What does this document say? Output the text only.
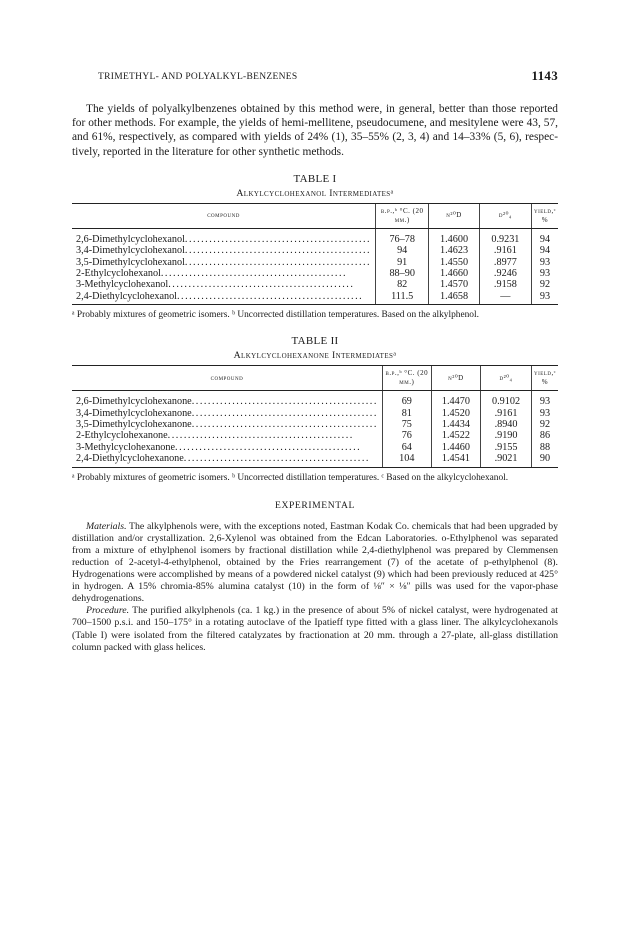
TRIMETHYL- AND POLYALKYL-BENZENES	1143

The yields of polyalkylbenzenes obtained by this method were, in general, better than those reported for other methods. For example, the yields of hemi-mellitene, pseudocumene, and mesitylene were 43, 57, and 61%, respectively, as compared with yields of 24% (1), 35–55% (2, 3, 4) and 14–33% (5, 6), respec-tively, reported in the literature for other synthetic methods.

TABLE I
Alkylcyclohexanol Intermediatesᵃ
compound	b.p.,ᵇ °C. (20 mm.)	n²⁰D	d²⁰₄	yield,ᶜ %
2,6-Dimethylcyclohexanol..............................................	76–78	1.4600	0.9231	94
3,4-Dimethylcyclohexanol..............................................	94	1.4623	.9161	94
3,5-Dimethylcyclohexanol..............................................	91	1.4550	.8977	93
2-Ethylcyclohexanol..............................................	88–90	1.4660	.9246	93
3-Methylcyclohexanol..............................................	82	1.4570	.9158	92
2,4-Diethylcyclohexanol..............................................	111.5	1.4658	—	93

ᵃ Probably mixtures of geometric isomers. ᵇ Uncorrected distillation temperatures. Based on the alkylphenol.

TABLE II
Alkylcyclohexanone Intermediatesᵃ
compound	b.p.,ᵇ °C. (20 mm.)	n²⁰D	d²⁰₄	yield,ᶜ %
2,6-Dimethylcyclohexanone..............................................	69	1.4470	0.9102	93
3,4-Dimethylcyclohexanone..............................................	81	1.4520	.9161	93
3,5-Dimethylcyclohexanone..............................................	75	1.4434	.8940	92
2-Ethylcyclohexanone..............................................	76	1.4522	.9190	86
3-Methylcyclohexanone..............................................	64	1.4460	.9155	88
2,4-Diethylcyclohexanone..............................................	104	1.4541	.9021	90

ᵃ Probably mixtures of geometric isomers. ᵇ Uncorrected distillation temperatures. ᶜ Based on the alkylcyclohexanol.

EXPERIMENTAL

Materials. The alkylphenols were, with the exceptions noted, Eastman Kodak Co. chemicals that had been upgraded by distillation and/or crystallization. 2,6-Xylenol was obtained from the Edcan Laboratories. o-Ethylphenol was separated from a mixture of ethylphenol isomers by fractional distillation while 2,4-diethylphenol was prepared by Clemmensen reduction of 2-acetyl-4-ethylphenol, obtained by the Fries rearrangement (7) of the acetate of p-ethylphenol (8). Hydrogenations were accomplished by means of a powdered nickel catalyst (9) which had been previously reduced at 425° in hydrogen. A 15% chromia-85% alumina catalyst (10) in the form of ⅛″ × ⅛″ pills was used for the vapor-phase dehydrogenations.

Procedure. The purified alkylphenols (ca. 1 kg.) in the presence of about 5% of nickel catalyst, were hydrogenated at 700–1500 p.s.i. and 150–175° in a rotating autoclave of the Ipatieff type fitted with a glass liner. The alkylcyclohexanols (Table I) were isolated from the filtered catalyzates by fractionation at 20 mm. through a 27-plate, all-glass distillation column packed with glass helices.
